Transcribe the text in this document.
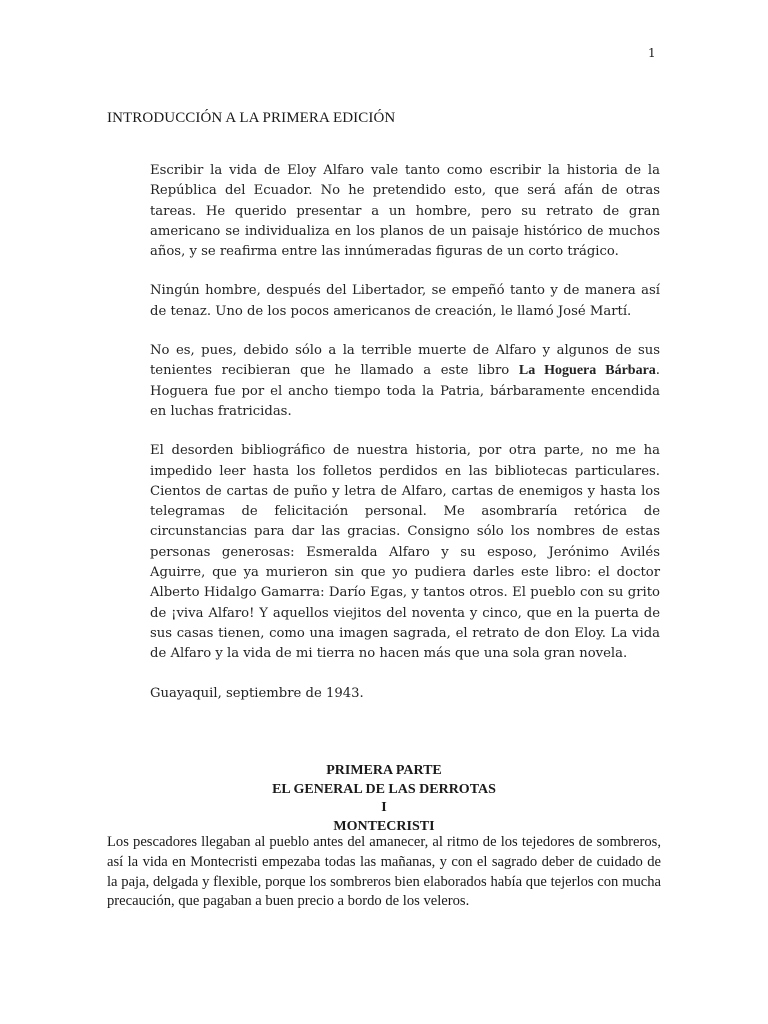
1
INTRODUCCIÓN A LA PRIMERA EDICIÓN

Escribir la vida de Eloy Alfaro vale tanto como escribir la historia de la República del Ecuador. No he pretendido esto, que será afán de otras tareas. He querido presentar a un hombre, pero su retrato de gran americano se individualiza en los planos de un paisaje histórico de muchos años, y se reafirma entre las innúmeradas figuras de un corto trágico.

Ningún hombre, después del Libertador, se empeñó tanto y de manera así de tenaz. Uno de los pocos americanos de creación, le llamó José Martí.

No es, pues, debido sólo a la terrible muerte de Alfaro y algunos de sus tenientes recibieran que he llamado a este libro La Hoguera Bárbara. Hoguera fue por el ancho tiempo toda la Patria, bárbaramente encendida en luchas fratricidas.

El desorden bibliográfico de nuestra historia, por otra parte, no me ha impedido leer hasta los folletos perdidos en las bibliotecas particulares. Cientos de cartas de puño y letra de Alfaro, cartas de enemigos y hasta los telegramas de felicitación personal. Me asombraría retórica de circunstancias para dar las gracias. Consigno sólo los nombres de estas personas generosas: Esmeralda Alfaro y su esposo, Jerónimo Avilés Aguirre, que ya murieron sin que yo pudiera darles este libro: el doctor Alberto Hidalgo Gamarra: Darío Egas, y tantos otros. El pueblo con su grito de ¡viva Alfaro! Y aquellos viejitos del noventa y cinco, que en la puerta de sus casas tienen, como una imagen sagrada, el retrato de don Eloy. La vida de Alfaro y la vida de mi tierra no hacen más que una sola gran novela.

Guayaquil, septiembre de 1943.

PRIMERA PARTE
EL GENERAL DE LAS DERROTAS
I
MONTECRISTI

Los pescadores llegaban al pueblo antes del amanecer, al ritmo de los tejedores de sombreros, así la vida en Montecristi empezaba todas las mañanas, y con el sagrado deber de cuidado de la paja, delgada y flexible, porque los sombreros bien elaborados había que tejerlos con mucha precaución, que pagaban a buen precio a bordo de los veleros.
